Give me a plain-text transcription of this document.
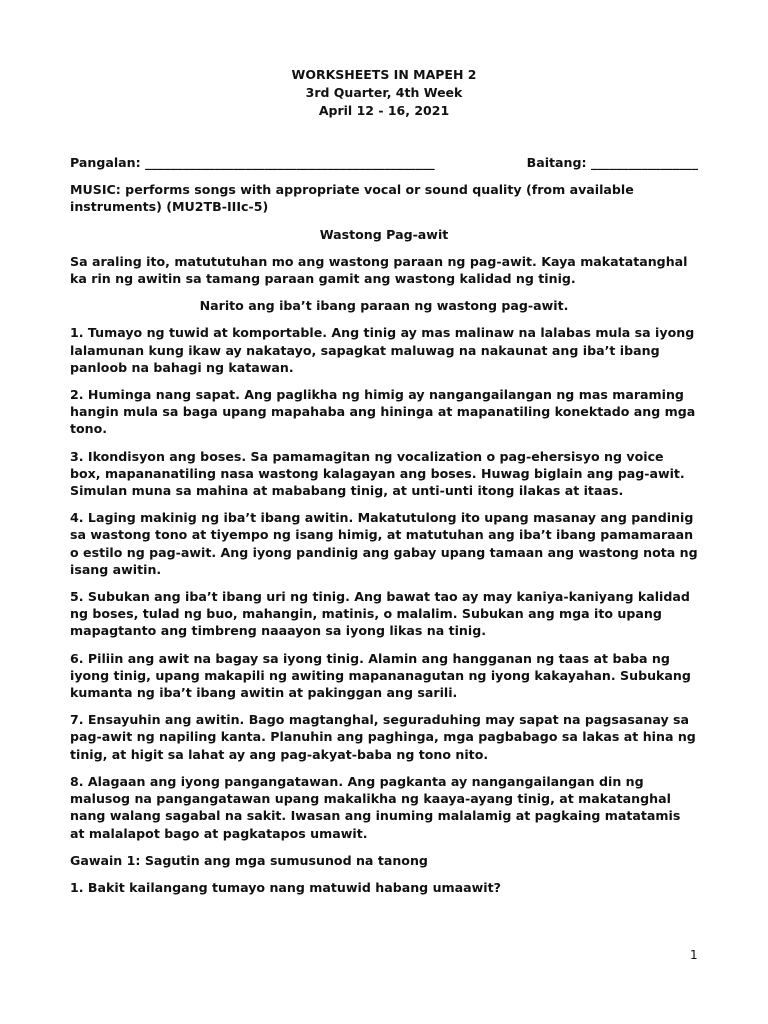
WORKSHEETS IN MAPEH 2
3rd Quarter, 4th Week
April 12 - 16, 2021
Pangalan: ______________________________________________	Baitang: _________________

MUSIC: performs songs with appropriate vocal or sound quality (from available instruments) (MU2TB-IIIc-5)

Wastong Pag-awit

Sa araling ito, matututuhan mo ang wastong paraan ng pag-awit. Kaya makatatanghal ka rin ng awitin sa tamang paraan gamit ang wastong kalidad ng tinig.

Narito ang iba’t ibang paraan ng wastong pag-awit.

1. Tumayo ng tuwid at komportable. Ang tinig ay mas malinaw na lalabas mula sa iyong lalamunan kung ikaw ay nakatayo, sapagkat maluwag na nakaunat ang iba’t ibang panloob na bahagi ng katawan.

2. Huminga nang sapat. Ang paglikha ng himig ay nangangailangan ng mas maraming hangin mula sa baga upang mapahaba ang hininga at mapanatiling konektado ang mga tono.

3. Ikondisyon ang boses. Sa pamamagitan ng vocalization o pag-ehersisyo ng voice box, mapananatiling nasa wastong kalagayan ang boses. Huwag biglain ang pag-awit. Simulan muna sa mahina at mababang tinig, at unti-unti itong ilakas at itaas.

4. Laging makinig ng iba’t ibang awitin. Makatutulong ito upang masanay ang pandinig sa wastong tono at tiyempo ng isang himig, at matutuhan ang iba’t ibang pamamaraan o estilo ng pag-awit. Ang iyong pandinig ang gabay upang tamaan ang wastong nota ng isang awitin.

5. Subukan ang iba’t ibang uri ng tinig. Ang bawat tao ay may kaniya-kaniyang kalidad ng boses, tulad ng buo, mahangin, matinis, o malalim. Subukan ang mga ito upang mapagtanto ang timbreng naaayon sa iyong likas na tinig.

6. Piliin ang awit na bagay sa iyong tinig. Alamin ang hangganan ng taas at baba ng iyong tinig, upang makapili ng awiting mapananagutan ng iyong kakayahan. Subukang kumanta ng iba’t ibang awitin at pakinggan ang sarili.

7. Ensayuhin ang awitin. Bago magtanghal, seguraduhing may sapat na pagsasanay sa pag-awit ng napiling kanta. Planuhin ang paghinga, mga pagbabago sa lakas at hina ng tinig, at higit sa lahat ay ang pag-akyat-baba ng tono nito.

8. Alagaan ang iyong pangangatawan. Ang pagkanta ay nangangailangan din ng malusog na pangangatawan upang makalikha ng kaaya-ayang tinig, at makatanghal nang walang sagabal na sakit. Iwasan ang inuming malalamig at pagkaing matatamis at malalapot bago at pagkatapos umawit.

Gawain 1: Sagutin ang mga sumusunod na tanong

1. Bakit kailangang tumayo nang matuwid habang umaawit?

1
